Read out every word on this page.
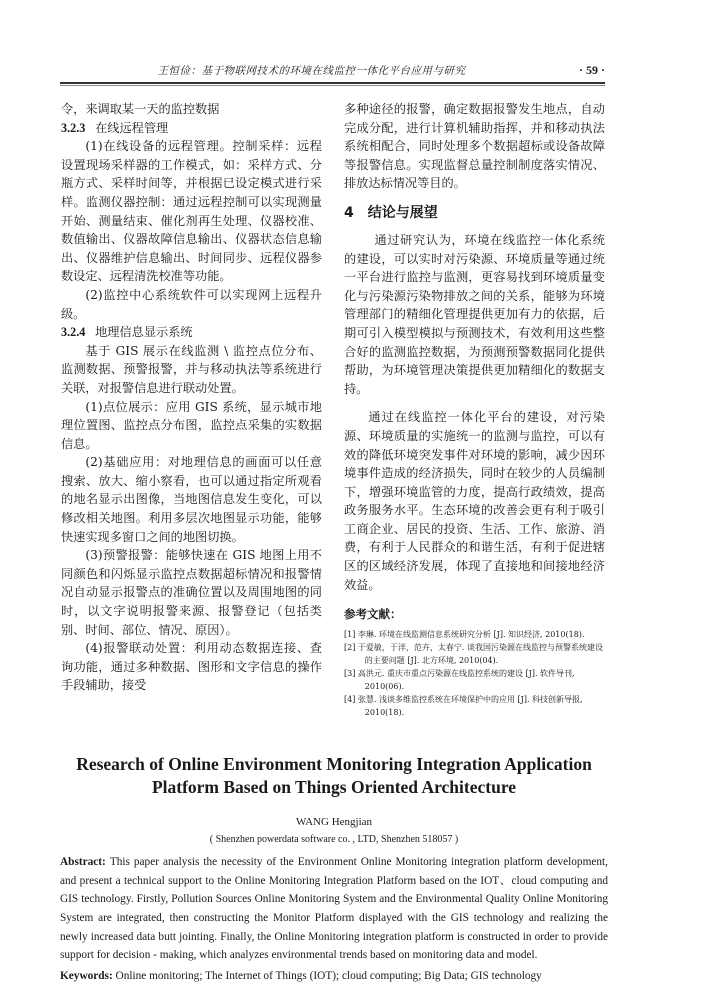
王恒俭：基于物联网技术的环境在线监控一体化平台应用与研究	· 59 ·

令，来调取某一天的监控数据

3.2.3 在线远程管理

(1)在线设备的远程管理。控制采样：远程设置现场采样器的工作模式，如：采样方式、分瓶方式、采样时间等，并根据已设定模式进行采样。监测仪器控制：通过远程控制可以实现测量开始、测量结束、催化剂再生处理、仪器校准、数值输出、仪器故障信息输出、仪器状态信息输出、仪器维护信息输出、时间同步、远程仪器参数设定、远程清洗校准等功能。

(2)监控中心系统软件可以实现网上远程升级。

3.2.4 地理信息显示系统

基于 GIS 展示在线监测 \ 监控点位分布、监测数据、预警报警，并与移动执法等系统进行关联，对报警信息进行联动处置。

(1)点位展示：应用 GIS 系统，显示城市地理位置图、监控点分布图，监控点采集的实数据信息。

(2)基础应用：对地理信息的画面可以任意搜索、放大、缩小察看，也可以通过指定所观看的地名显示出图像，当地图信息发生变化，可以修改相关地图。利用多层次地图显示功能，能够快速实现多窗口之间的地图切换。

(3)预警报警：能够快速在 GIS 地图上用不同颜色和闪烁显示监控点数据超标情况和报警情况自动显示报警点的准确位置以及周围地图的同时，以文字说明报警来源、报警登记（包括类别、时间、部位、情况、原因）。

(4)报警联动处置：利用动态数据连接、查询功能，通过多种数据、图形和文字信息的操作手段辅助，接受

多种途径的报警，确定数据报警发生地点，自动完成分配，进行计算机辅助指挥，并和移动执法系统相配合，同时处理多个数据超标或设备故障等报警信息。实现监督总量控制制度落实情况、排放达标情况等目的。

4 结论与展望

通过研究认为，环境在线监控一体化系统的建设，可以实时对污染源、环境质量等通过统一平台进行监控与监测，更容易找到环境质量变化与污染源污染物排放之间的关系，能够为环境管理部门的精细化管理提供更加有力的依据，后期可引入模型模拟与预测技术，有效利用这些整合好的监测监控数据，为预测预警数据同化提供帮助，为环境管理决策提供更加精细化的数据支持。

通过在线监控一体化平台的建设，对污染源、环境质量的实施统一的监测与监控，可以有效的降低环境突发事件对环境的影响，减少因环境事件造成的经济损失，同时在较少的人员编制下，增强环境监管的力度，提高行政绩效，提高政务服务水平。生态环境的改善会更有利于吸引工商企业、居民的投资、生活、工作、旅游、消费，有利于人民群众的和谐生活，有利于促进辖区的区域经济发展，体现了直接地和间接地经济效益。

参考文献：
[1] 李琳. 环境在线监测信息系统研究分析 [J]. 知识经济, 2010(18).
[2] 于爱敏，于洋，范卉，太春宁. 谈我国污染源在线监控与预警系统建设的主要问题 [J]. 北方环境, 2010(04).
[3] 高洪元. 重庆市重点污染源在线监控系统的建设 [J]. 软件导刊, 2010(06).
[4] 张慧. 浅谈多维监控系统在环境保护中的应用 [J]. 科技创新导报, 2010(18).
Research of Online Environment Monitoring Integration Application
Platform Based on Things Oriented Architecture
WANG Hengjian
( Shenzhen powerdata software co. , LTD, Shenzhen 518057 )
Abstract: This paper analysis the necessity of the Environment Online Monitoring integration platform development, and present a technical support to the Online Monitoring Integration Platform based on the IOT、cloud computing and GIS technology. Firstly, Pollution Sources Online Monitoring System and the Environmental Quality Online Monitoring System are integrated, then constructing the Monitor Platform displayed with the GIS technology and realizing the newly increased data butt jointing. Finally, the Online Monitoring integration platform is constructed in order to provide support for decision - making, which analyzes environmental trends based on monitoring data and model.
Keywords: Online monitoring; The Internet of Things (IOT); cloud computing; Big Data; GIS technology
